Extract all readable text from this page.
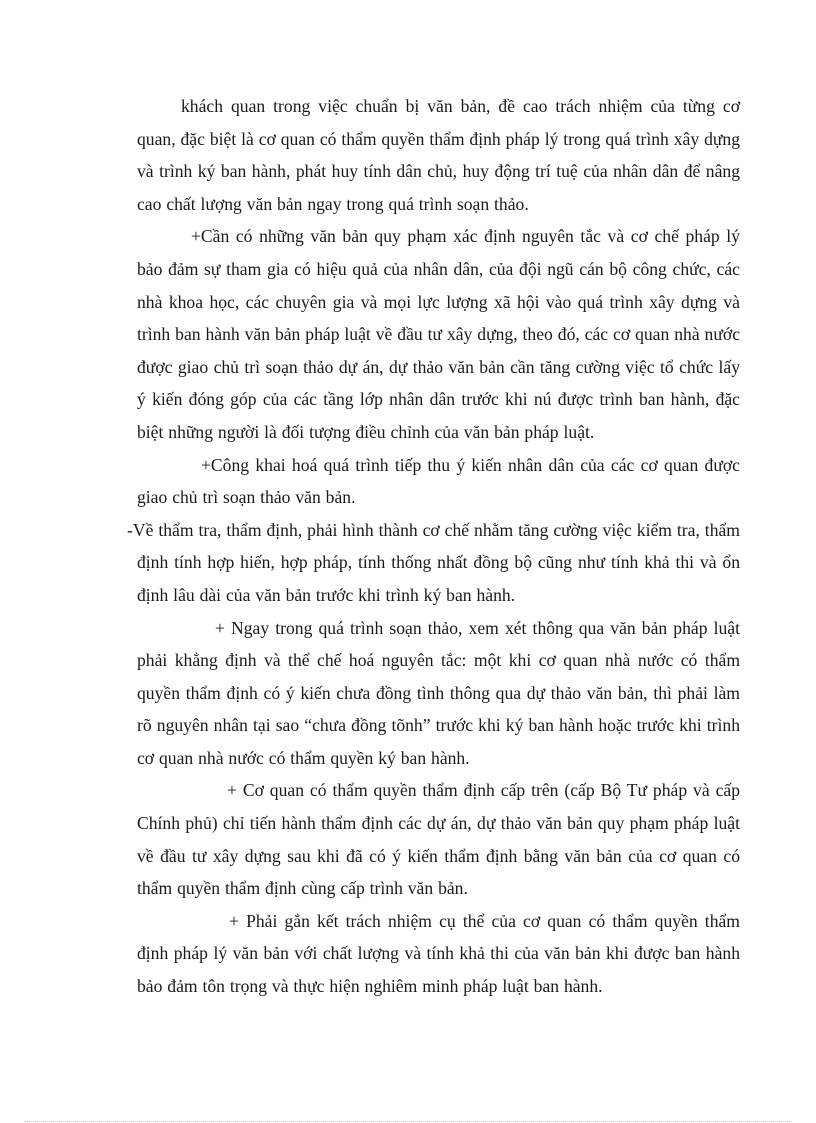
khách quan trong việc chuẩn bị văn bản, đề cao trách nhiệm của từng cơ quan, đặc biệt là cơ quan có thẩm quyền thẩm định pháp lý trong quá trình xây dựng và trình ký ban hành, phát huy tính dân chủ, huy động trí tuệ của nhân dân để nâng cao chất lượng văn bản ngay trong quá trình soạn thảo.

+Cần có những văn bản quy phạm xác định nguyên tắc và cơ chế pháp lý bảo đảm sự tham gia có hiệu quả của nhân dân, của đội ngũ cán bộ công chức, các nhà khoa học, các chuyên gia và mọi lực lượng xã hội vào quá trình xây dựng và trình ban hành văn bản pháp luật về đầu tư xây dựng, theo đó, các cơ quan nhà nước được giao chủ trì soạn thảo dự án, dự thảo văn bản cần tăng cường việc tổ chức lấy ý kiến đóng góp của các tầng lớp nhân dân trước khi nú được trình ban hành, đặc biệt những người là đối tượng điều chỉnh của văn bản pháp luật.

+Công khai hoá quá trình tiếp thu ý kiến nhân dân của các cơ quan được giao chủ trì soạn thảo văn bản.

-Về thẩm tra, thẩm định, phải hình thành cơ chế nhằm tăng cường việc kiểm tra, thẩm định tính hợp hiến, hợp pháp, tính thống nhất đồng bộ cũng như tính khả thi và ổn định lâu dài của văn bản trước khi trình ký ban hành.

+ Ngay trong quá trình soạn thảo, xem xét thông qua văn bản pháp luật phải khẳng định và thể chế hoá nguyên tắc: một khi cơ quan nhà nước có thẩm quyền thẩm định có ý kiến chưa đồng tình thông qua dự thảo văn bản, thì phải làm rõ nguyên nhân tại sao “chưa đồng tõnh” trước khi ký ban hành hoặc trước khi trình cơ quan nhà nước có thẩm quyền ký ban hành.

+ Cơ quan có thẩm quyền thẩm định cấp trên (cấp Bộ Tư pháp và cấp Chính phủ) chỉ tiến hành thẩm định các dự án, dự thảo văn bản quy phạm pháp luật về đầu tư xây dựng sau khi đã có ý kiến thẩm định bằng văn bản của cơ quan có thẩm quyền thẩm định cùng cấp trình văn bản.

+ Phải gắn kết trách nhiệm cụ thể của cơ quan có thẩm quyền thẩm định pháp lý văn bản với chất lượng và tính khả thi của văn bản khi được ban hành bảo đảm tôn trọng và thực hiện nghiêm minh pháp luật ban hành.
